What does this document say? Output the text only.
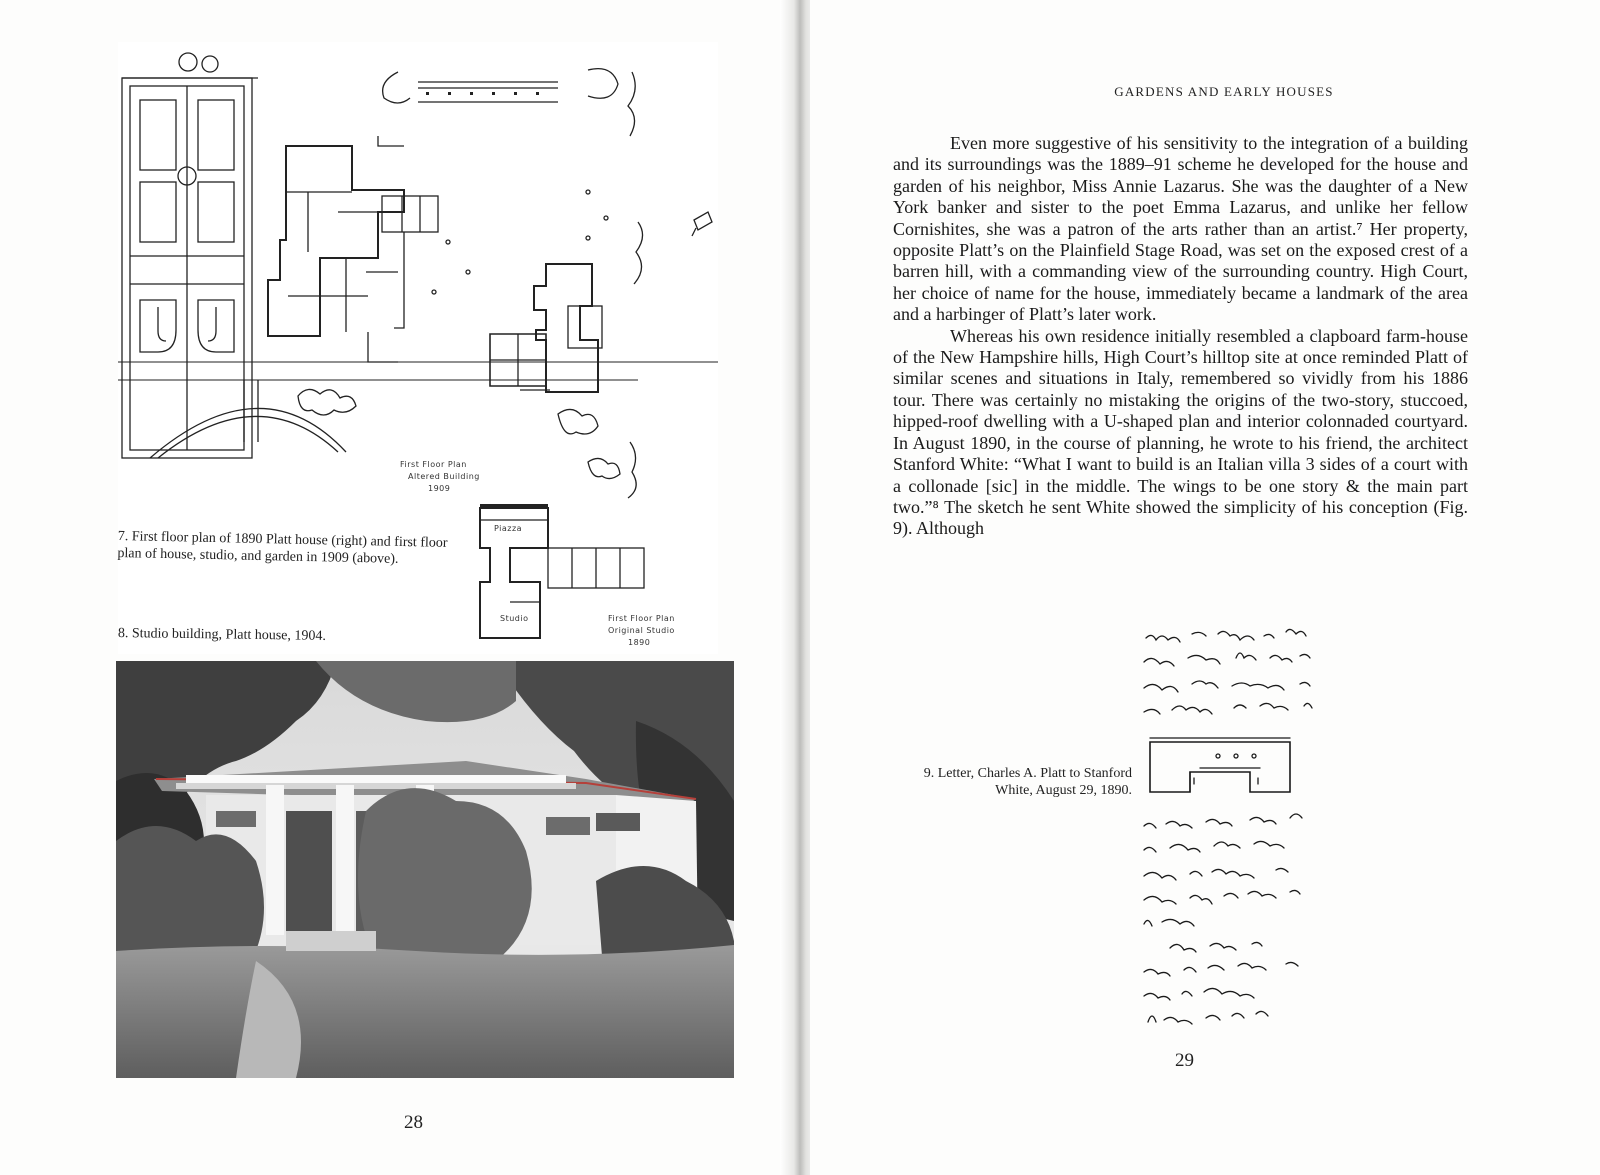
First Floor Plan
Altered Building
1909
First Floor Plan
Original Studio
1890
Piazza
Studio
7. First floor plan of 1890 Platt house (right) and first floor plan of house, studio, and garden in 1909 (above).
8. Studio building, Platt house, 1904.
28
GARDENS AND EARLY HOUSES

Even more suggestive of his sensitivity to the integration of a building and its surroundings was the 1889–91 scheme he developed for the house and garden of his neighbor, Miss Annie Lazarus. She was the daughter of a New York banker and sister to the poet Emma Lazarus, and unlike her fellow Cornishites, she was a patron of the arts rather than an artist.⁷ Her property, opposite Platt’s on the Plainfield Stage Road, was set on the exposed crest of a barren hill, with a commanding view of the surrounding country. High Court, her choice of name for the house, immediately became a landmark of the area and a harbinger of Platt’s later work.

Whereas his own residence initially resembled a clapboard farm-house of the New Hampshire hills, High Court’s hilltop site at once reminded Platt of similar scenes and situations in Italy, remembered so vividly from his 1886 tour. There was certainly no mistaking the origins of the two-story, stuccoed, hipped-roof dwelling with a U-shaped plan and interior colonnaded courtyard. In August 1890, in the course of planning, he wrote to his friend, the architect Stanford White: “What I want to build is an Italian villa 3 sides of a court with a collonade [sic] in the middle. The wings to be one story & the main part two.”⁸ The sketch he sent White showed the simplicity of his conception (Fig. 9). Although

9. Letter, Charles A. Platt to Stanford White, August 29, 1890.
29
